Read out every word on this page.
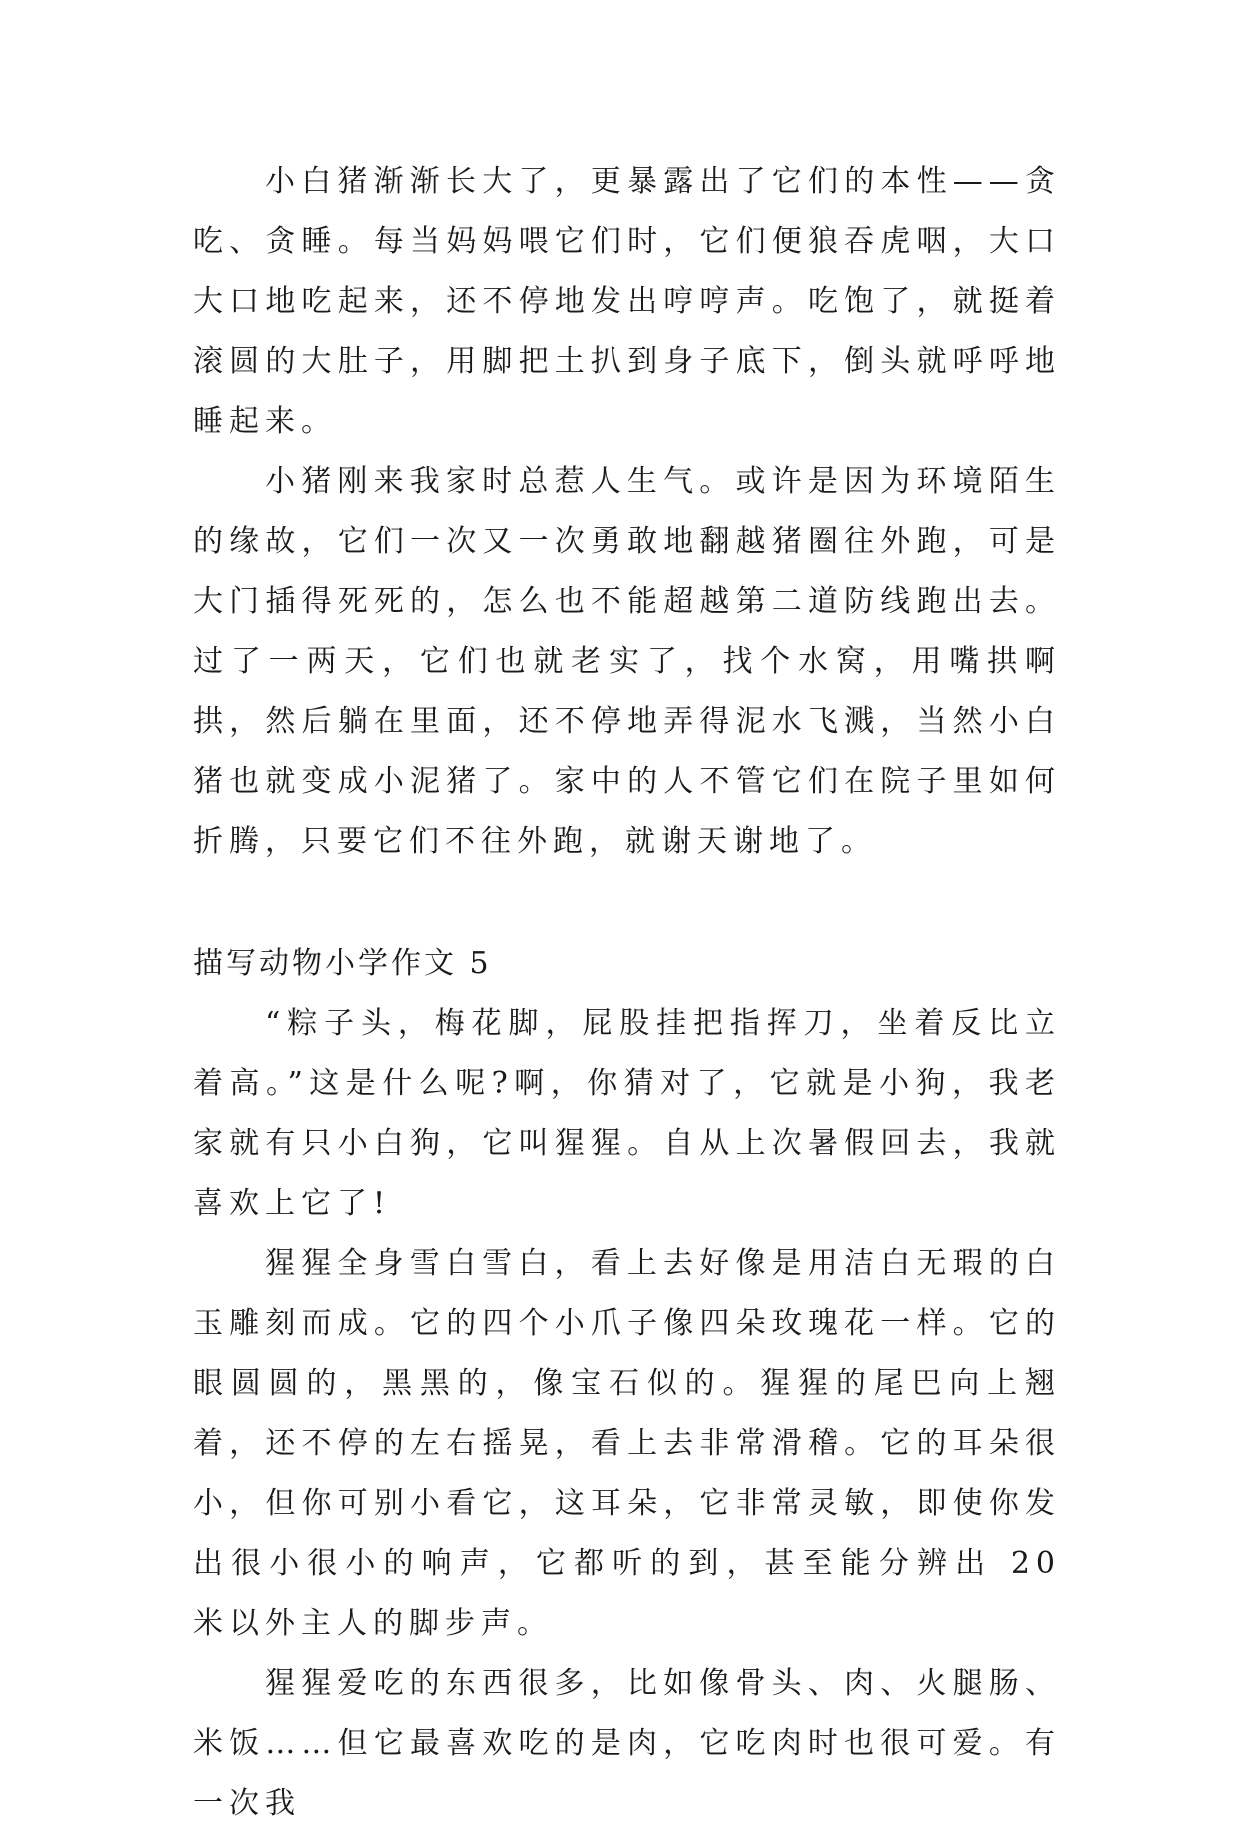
小白猪渐渐长大了，更暴露出了它们的本性——贪吃、贪睡。每当妈妈喂它们时，它们便狼吞虎咽，大口大口地吃起来，还不停地发出哼哼声。吃饱了，就挺着滚圆的大肚子，用脚把土扒到身子底下，倒头就呼呼地睡起来。

小猪刚来我家时总惹人生气。或许是因为环境陌生的缘故，它们一次又一次勇敢地翻越猪圈往外跑，可是大门插得死死的，怎么也不能超越第二道防线跑出去。过了一两天，它们也就老实了，找个水窝，用嘴拱啊拱，然后躺在里面，还不停地弄得泥水飞溅，当然小白猪也就变成小泥猪了。家中的人不管它们在院子里如何折腾，只要它们不往外跑，就谢天谢地了。

描写动物小学作文 5

“粽子头，梅花脚，屁股挂把指挥刀，坐着反比立着高。”这是什么呢?啊，你猜对了，它就是小狗，我老家就有只小白狗，它叫猩猩。自从上次暑假回去，我就喜欢上它了!

猩猩全身雪白雪白，看上去好像是用洁白无瑕的白玉雕刻而成。它的四个小爪子像四朵玫瑰花一样。它的眼圆圆的，黑黑的，像宝石似的。猩猩的尾巴向上翘着，还不停的左右摇晃，看上去非常滑稽。它的耳朵很小，但你可别小看它，这耳朵，它非常灵敏，即使你发出很小很小的响声，它都听的到，甚至能分辨出 20 米以外主人的脚步声。

猩猩爱吃的东西很多，比如像骨头、肉、火腿肠、米饭……但它最喜欢吃的是肉，它吃肉时也很可爱。有一次我
